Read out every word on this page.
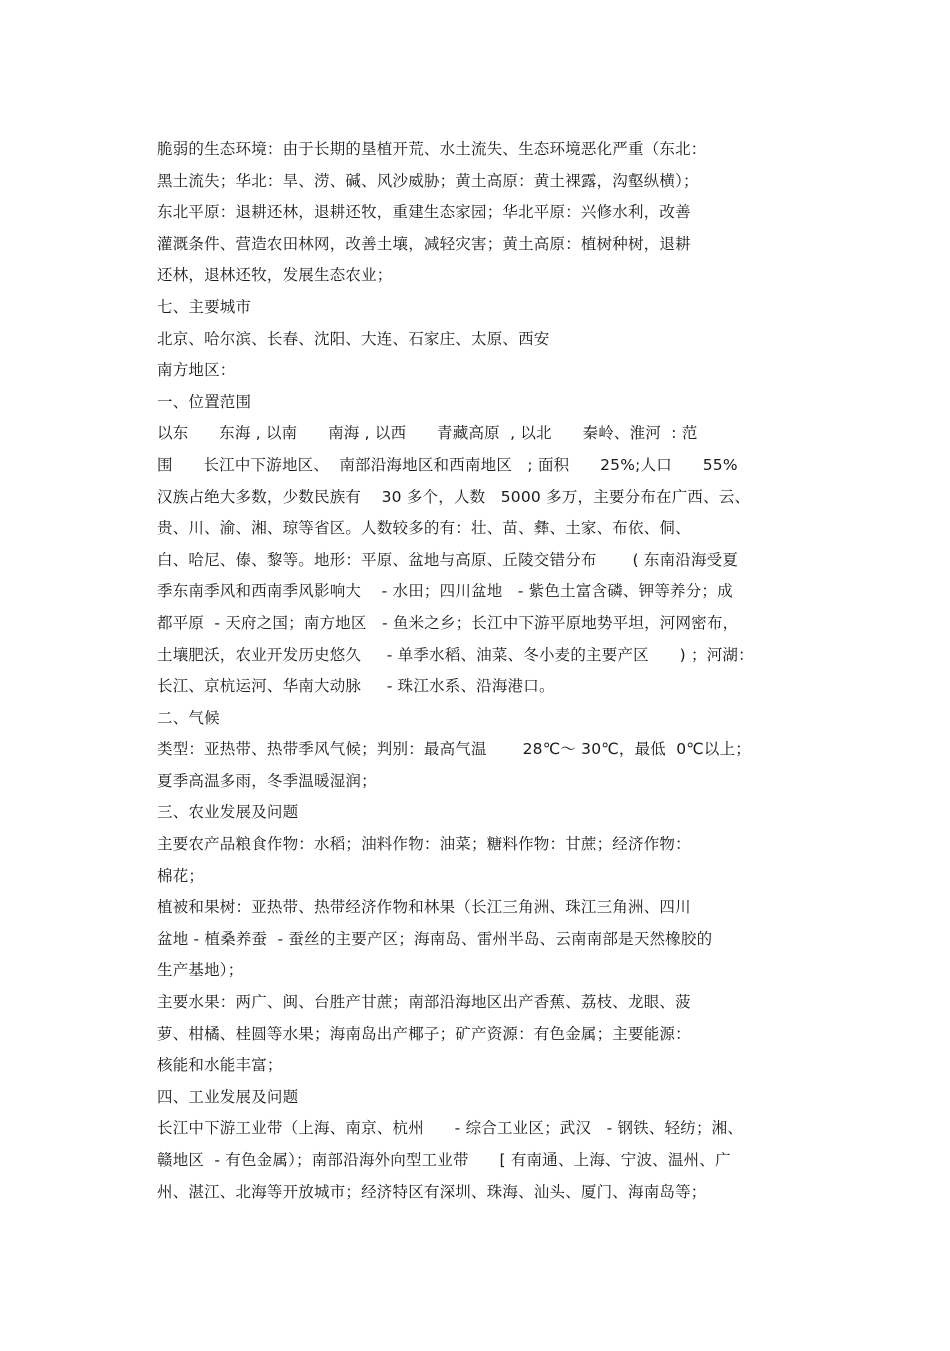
脆弱的生态环境：由于长期的垦植开荒、水土流失、生态环境恶化严重（东北：
黑土流失；华北：旱、涝、碱、风沙威胁；黄土高原：黄土裸露，沟壑纵横）；
东北平原：退耕还林，退耕还牧，重建生态家园；华北平原：兴修水利，改善
灌溉条件、营造农田林网，改善土壤，减轻灾害；黄土高原：植树种树，退耕
还林，退林还牧，发展生态农业；
七、主要城市
北京、哈尔滨、长春、沈阳、大连、石家庄、太原、西安
南方地区：
一、位置范围
以东      东海 , 以南      南海 , 以西      青藏高原  , 以北      秦岭、淮河  : 范
围      长江中下游地区、  南部沿海地区和西南地区   ; 面积      25%;人口      55%
汉族占绝大多数，少数民族有    30 多个，人数   5000 多万，主要分布在广西、云、
贵、川、渝、湘、琼等省区。人数较多的有：壮、苗、彝、土家、布依、侗、
白、哈尼、傣、黎等。地形：平原、盆地与高原、丘陵交错分布       ( 东南沿海受夏
季东南季风和西南季风影响大    - 水田；四川盆地   - 紫色土富含磷、钾等养分；成
都平原  - 天府之国；南方地区   - 鱼米之乡；长江中下游平原地势平坦，河网密布，
土壤肥沃，农业开发历史悠久     - 单季水稻、油菜、冬小麦的主要产区      ) ；河湖：
长江、京杭运河、华南大动脉     - 珠江水系、沿海港口。
二、气候
类型：亚热带、热带季风气候；判别：最高气温       28℃～ 30℃，最低  0℃以上；
夏季高温多雨，冬季温暖湿润；
三、农业发展及问题
主要农产品粮食作物：水稻；油料作物：油菜；糖料作物：甘蔗；经济作物：
棉花；
植被和果树：亚热带、热带经济作物和林果（长江三角洲、珠江三角洲、四川
盆地 - 植桑养蚕  - 蚕丝的主要产区；海南岛、雷州半岛、云南南部是天然橡胶的
生产基地）；
主要水果：两广、闽、台胜产甘蔗；南部沿海地区出产香蕉、荔枝、龙眼、菠
萝、柑橘、桂圆等水果；海南岛出产椰子；矿产资源：有色金属；主要能源：
核能和水能丰富；
四、工业发展及问题
长江中下游工业带（上海、南京、杭州      - 综合工业区；武汉   - 钢铁、轻纺；湘、
赣地区  - 有色金属）；南部沿海外向型工业带      [ 有南通、上海、宁波、温州、广
州、湛江、北海等开放城市；经济特区有深圳、珠海、汕头、厦门、海南岛等；
